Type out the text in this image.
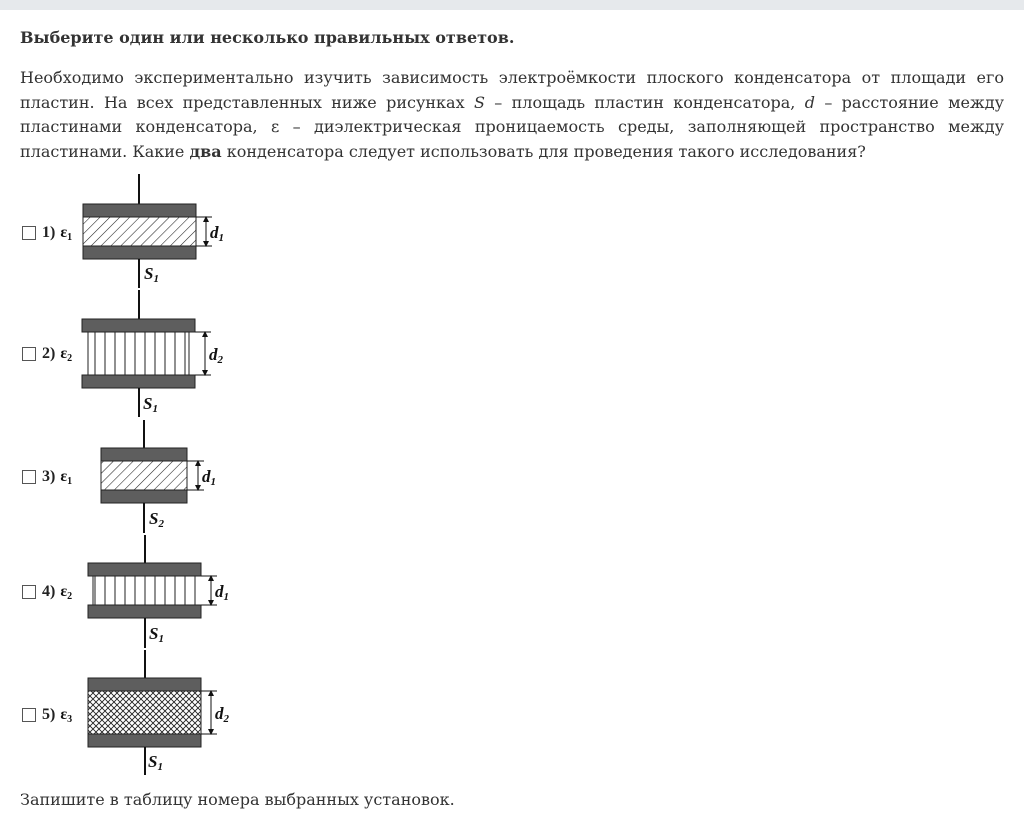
Выберите один или несколько правильных ответов.
Необходимо экспериментально изучить зависимость электроёмкости плоского конденсатора от площади его пластин. На всех представленных ниже рисунках S – площадь пластин конденсатора, d – расстояние между пластинами конденсатора, ε – диэлектрическая проницаемость среды, заполняющей пространство между пластинами. Какие два конденсатора следует использовать для проведения такого исследования?
d1
S1
d2
S1
d1
S2
d1
S1
d2
S1
1) $\varepsilon_1$
2) $\varepsilon_2$
3) $\varepsilon_1$
4) $\varepsilon_2$
5) $\varepsilon_3$
Запишите в таблицу номера выбранных установок.
